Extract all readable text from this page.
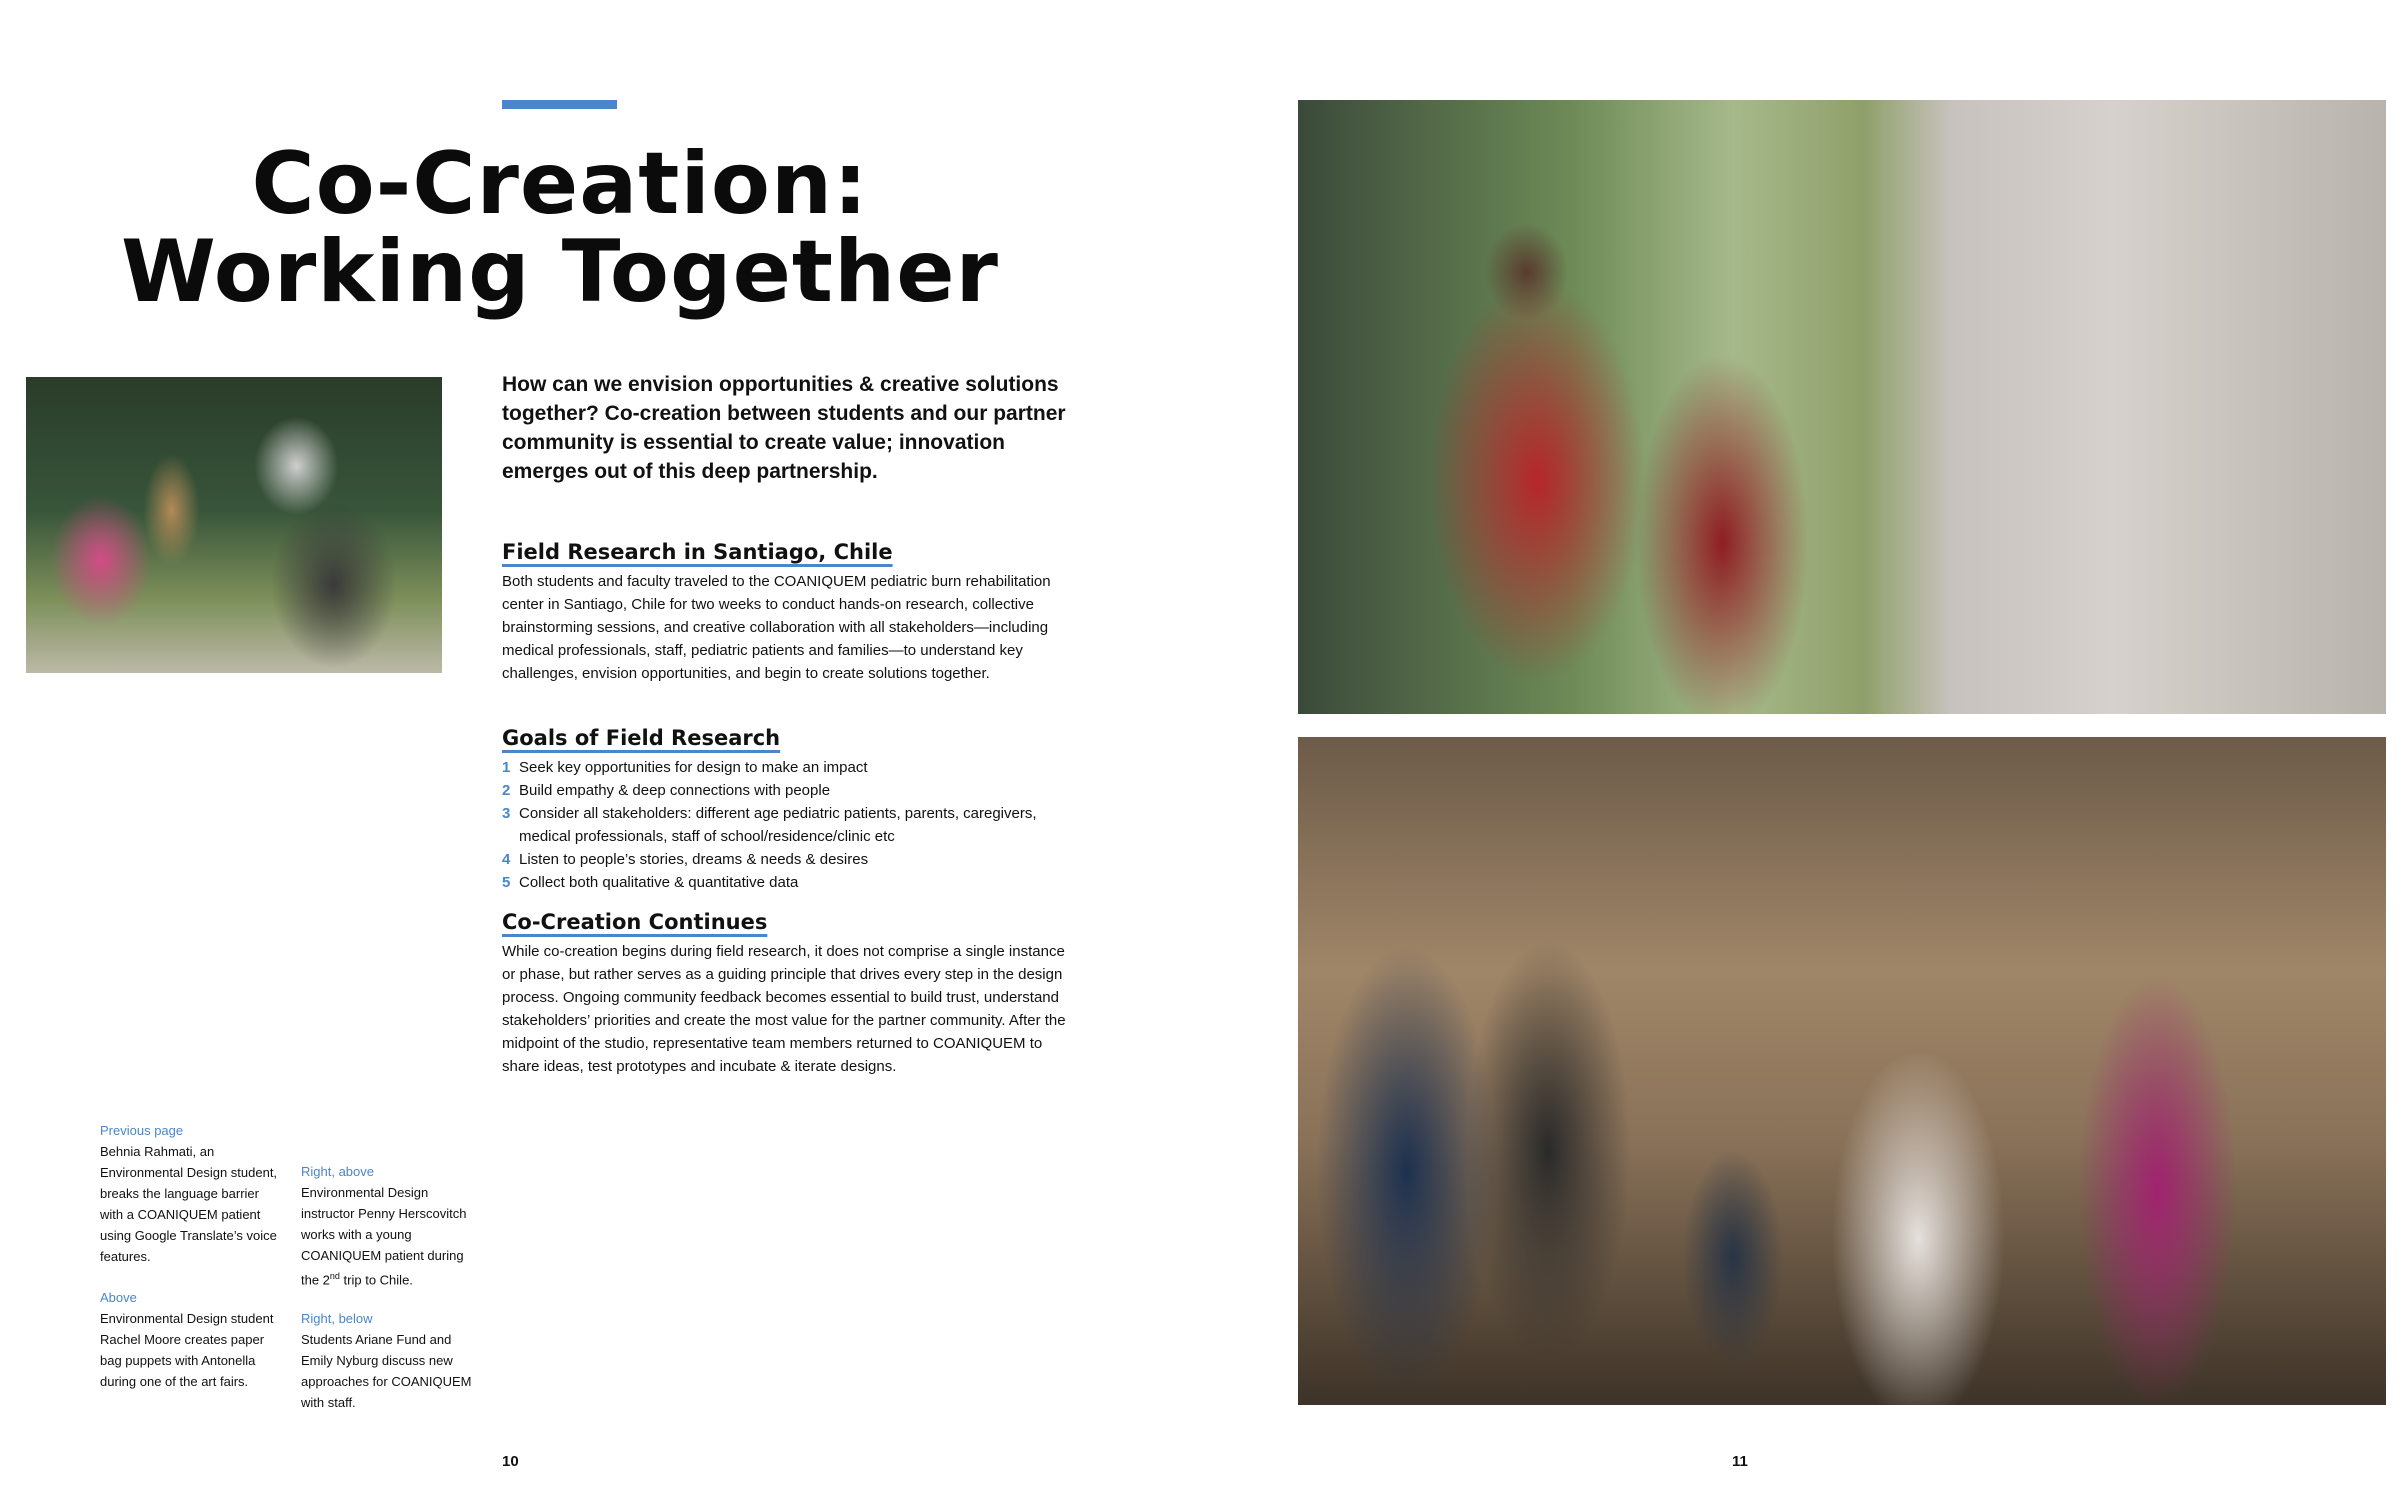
Co-Creation:
Working Together

How can we envision opportunities & creative solutions together? Co-creation between students and our partner community is essential to create value; innovation emerges out of this deep partnership.

Field Research in Santiago, Chile

Both students and faculty traveled to the COANIQUEM pediatric burn rehabilitation center in Santiago, Chile for two weeks to conduct hands-on research, collective brainstorming sessions, and creative collaboration with all stakeholders—including medical professionals, staff, pediatric patients and families—to understand key challenges, envision opportunities, and begin to create solutions together.

Goals of Field Research
1 Seek key opportunities for design to make an impact
2 Build empathy & deep connections with people
3 Consider all stakeholders: different age pediatric patients, parents, caregivers, medical professionals, staff of school/residence/clinic etc
4 Listen to people’s stories, dreams & needs & desires
5 Collect both qualitative & quantitative data
Co-Creation Continues

While co-creation begins during field research, it does not comprise a single instance or phase, but rather serves as a guiding principle that drives every step in the design process. Ongoing community feedback becomes essential to build trust, understand stakeholders’ priorities and create the most value for the partner community. After the midpoint of the studio, representative team members returned to COANIQUEM to share ideas, test prototypes and incubate & iterate designs.

Previous page
Behnia Rahmati, an Environmental Design student, breaks the language barrier with a COANIQUEM patient using Google Translate’s voice features.
Above
Environmental Design student Rachel Moore creates paper bag puppets with Antonella during one of the art fairs.
Right, above
Environmental Design instructor Penny Herscovitch works with a young COANIQUEM patient during the 2nd trip to Chile.
Right, below
Students Ariane Fund and Emily Nyburg discuss new approaches for COANIQUEM with staff.
10	11
